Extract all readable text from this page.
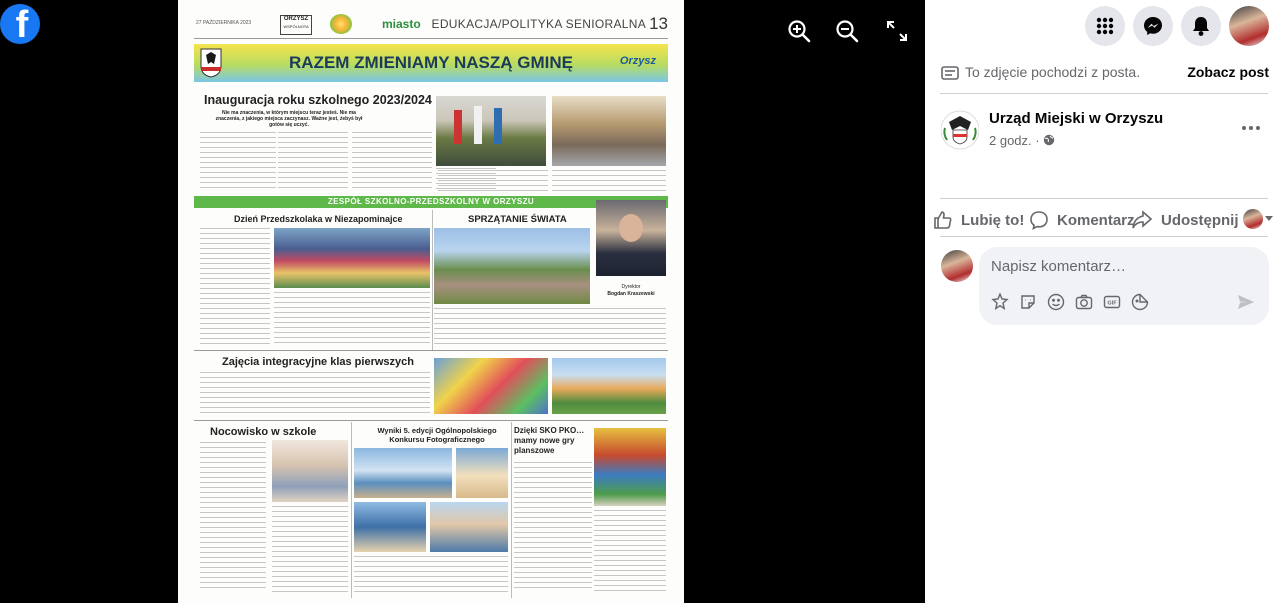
f	27 PAŹDZIERNIKA 2023
ORZYSZ
WSPÓLNOTA	miasto EDUKACJA/POLITYKA SENIORALNA 13
RAZEM ZMIENIAMY NASZĄ GMINĘ	Orzysz
Inauguracja roku szkolnego 2023/2024
Nie ma znaczenia, w którym miejscu teraz jesteś. Nie ma znaczenia, z jakiego miejsca zaczynasz. Ważne jest, żebyś był gotów się uczyć.
ZESPÓŁ SZKOLNO-PRZEDSZKOLNY W ORZYSZU
Dzień Przedszkolaka w Niezapominajce	SPRZĄTANIE ŚWIATA
Dyrektor
Bogdan Kraszewski
Zajęcia integracyjne klas pierwszych
Nocowisko w szkole	Wyniki 5. edycji Ogólnopolskiego Konkursu Fotograficznego
Dzięki SKO PKO… mamy nowe gry planszowe
To zdjęcie pochodzi z posta.	Zobacz post
Urząd Miejski w Orzyszu
2 godz. ·
Lubię to! Komentarz Udostępnij
Napisz komentarz…
GIF
